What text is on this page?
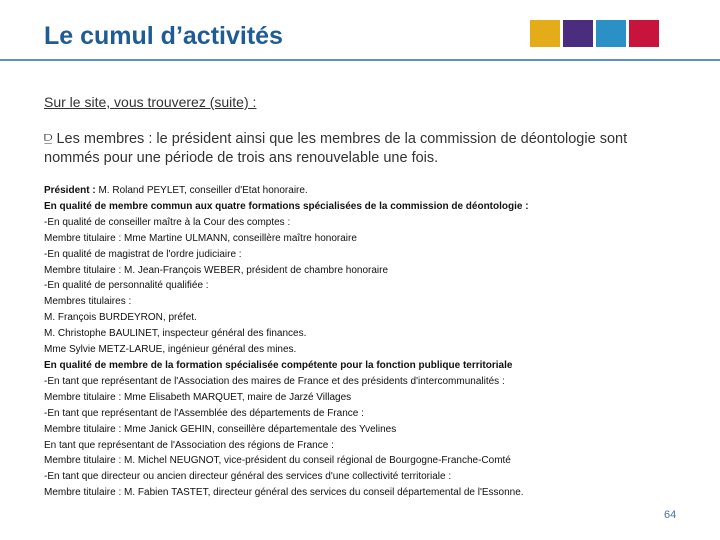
Le cumul d’activités
Sur le site, vous trouverez (suite) :
⫒ Les membres : le président ainsi que les membres de la commission de déontologie sont nommés pour une période de trois ans renouvelable une fois.
Président : M. Roland PEYLET, conseiller d'Etat honoraire.
En qualité de membre commun aux quatre formations spécialisées de la commission de déontologie :
-En qualité de conseiller maître à la Cour des comptes :
Membre titulaire : Mme Martine ULMANN, conseillère maître honoraire
-En qualité de magistrat de l'ordre judiciaire :
Membre titulaire : M. Jean-François WEBER, président de chambre honoraire
-En qualité de personnalité qualifiée :
Membres titulaires :
M. François BURDEYRON, préfet.
M. Christophe BAULINET, inspecteur général des finances.
Mme Sylvie METZ-LARUE, ingénieur général des mines.
En qualité de membre de la formation spécialisée compétente pour la fonction publique territoriale
-En tant que représentant de l'Association des maires de France et des présidents d'intercommunalités :
Membre titulaire : Mme Elisabeth MARQUET, maire de Jarzé Villages
-En tant que représentant de l'Assemblée des départements de France :
Membre titulaire : Mme Janick GEHIN, conseillère départementale des Yvelines
En tant que représentant de l'Association des régions de France :
Membre titulaire : M. Michel NEUGNOT, vice-président du conseil régional de Bourgogne-Franche-Comté
-En tant que directeur ou ancien directeur général des services d'une collectivité territoriale :
Membre titulaire : M. Fabien TASTET, directeur général des services du conseil départemental de l'Essonne.
64
